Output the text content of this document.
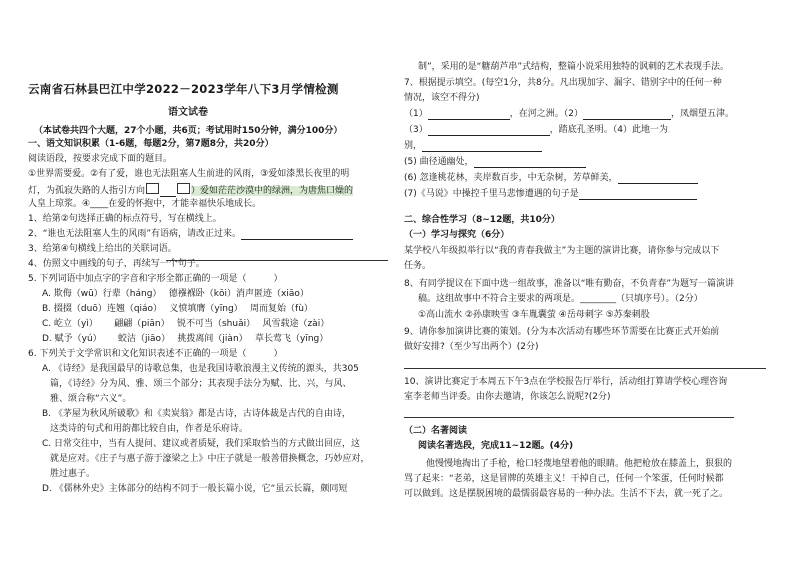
云南省石林县巴江中学2022－2023学年八下3月学情检测
语文试卷
（本试卷共四个大题，27个小题，共6页；考试用时150分钟，满分100分）
一、语文知识积累（1-6题，每题2分，第7题8分，共20分）
阅读语段，按要求完成下面的题目。
①世界需要爱。②有了爱，谁也无法阻塞人生前进的风雨，③爱如漆黑长夜里的明
灯，为孤寂失路的人指引方向	）爱如茫茫沙漠中的绿洲，为唐焦口燥的
人皇上琼浆。④____在爱的怀抱中，才能幸福快乐地成长。
1、给第②句选择正确的标点符号，写在横线上。
2、“谁也无法阻塞人生的风雨”有语病，请改正过来。
3、给第④句横线上给出的关联词语。
4、仿照文中画线的句子，再续写一个句子。
5. 下列词语中加点字的字音和字形全都正确的一项是（　　　）
A. 欺侮（wū）行辈（háng）　 德襁褓卧（kōi）消声匿迹（xiāo）
B. 掇掇（duō）连翘（qiáo）　 义愤填膺（yīng）　 周而复始（fù）
C. 屹立（yì）　　 翩翩（piān）　 锐不可当（shuǎi）　 风雪载途（zài）
D. 赋予（yú）　　 蛟洁（jiāo）　 挑拨离间（jiàn）　 草长莺飞（yīng）
6. 下列关于文学常识和文化知识表述不正确的一项是（　　　）
A. 《诗经》是我国最早的诗歌总集，也是我国诗歌浪漫主义传统的源头，共305
篇，《诗经》分为风、雅、颂三个部分；其表现手法分为赋、比、兴，与风、
雅、颂合称“六义”。
B. 《茅屋为秋风所破歌》和《卖炭翁》都是古诗，古诗体裁是古代的自由诗，
这类诗的句式和用韵都比较自由，作者是乐府诗。
C. 日常交往中，当有人提问、建议或者质疑，我们采取恰当的方式做出回应，这
就是应对。《庄子与惠子游于濠梁之上》中庄子就是一般善借换概念，巧妙应对，
胜过惠子。
D. 《儒林外史》主体部分的结构不同于一般长篇小说，它“虽云长篇，颇同短
制”，采用的是“糖葫芦串”式结构，整篇小说采用独特的讽刺的艺术表现手法。
7、根据提示填空。(每空1分，共8分。凡出现加字、漏字、错别字中的任何一种
情况，该空不得分)
（1）	，在河之洲。（2）	，凤烟望五津。
（3）	，踏底孔圣明。（4）此地一为
别，
(5) 曲径通幽处，
(6) 忽逢桃花林，夹岸数百步，中无杂树，芳草鲜美，
(7)《马说》中操控千里马悲惨遭遇的句子是
二、综合性学习（8~12题，共10分）
（一）学习与探究（6分）
某学校八年级拟举行以“我的青春我做主”为主题的演讲比赛，请你参与完成以下
任务。
8、有同学提议在下面中选一组故事，准备以“唯有勤奋，不负青春”为题写一篇演讲
稿。这组故事中不符合主要求的两项是。________（只填序号）。（2分）
①高山流水 ②孙康映雪 ③车胤囊萤 ④岳母刺字 ⑤苏秦刺股
9、请你参加演讲比赛的策划。(分为本次活动有哪些环节需要在比赛正式开始前
做好安排?（至少写出两个）(2分)
10、演讲比赛定于本周五下午3点在学校报告厅举行，活动组打算请学校心理咨询
室李老师当评委。由你去邀请，你该怎么说呢?(2分)
（二）名著阅读
阅读名著选段，完成11~12题。(4分)
他慢慢地掏出了手枪，枪口轻蔑地望着他的眼睛。他把枪放在膝盖上，狠狠的
骂了起来：“老弟，这是冒牌的英雄主义！干掉自己，任何一个笨蛋，任何时候都
可以做到。这是摆脱困境的最懦弱最容易的一种办法。生活不下去，就一死了之。
